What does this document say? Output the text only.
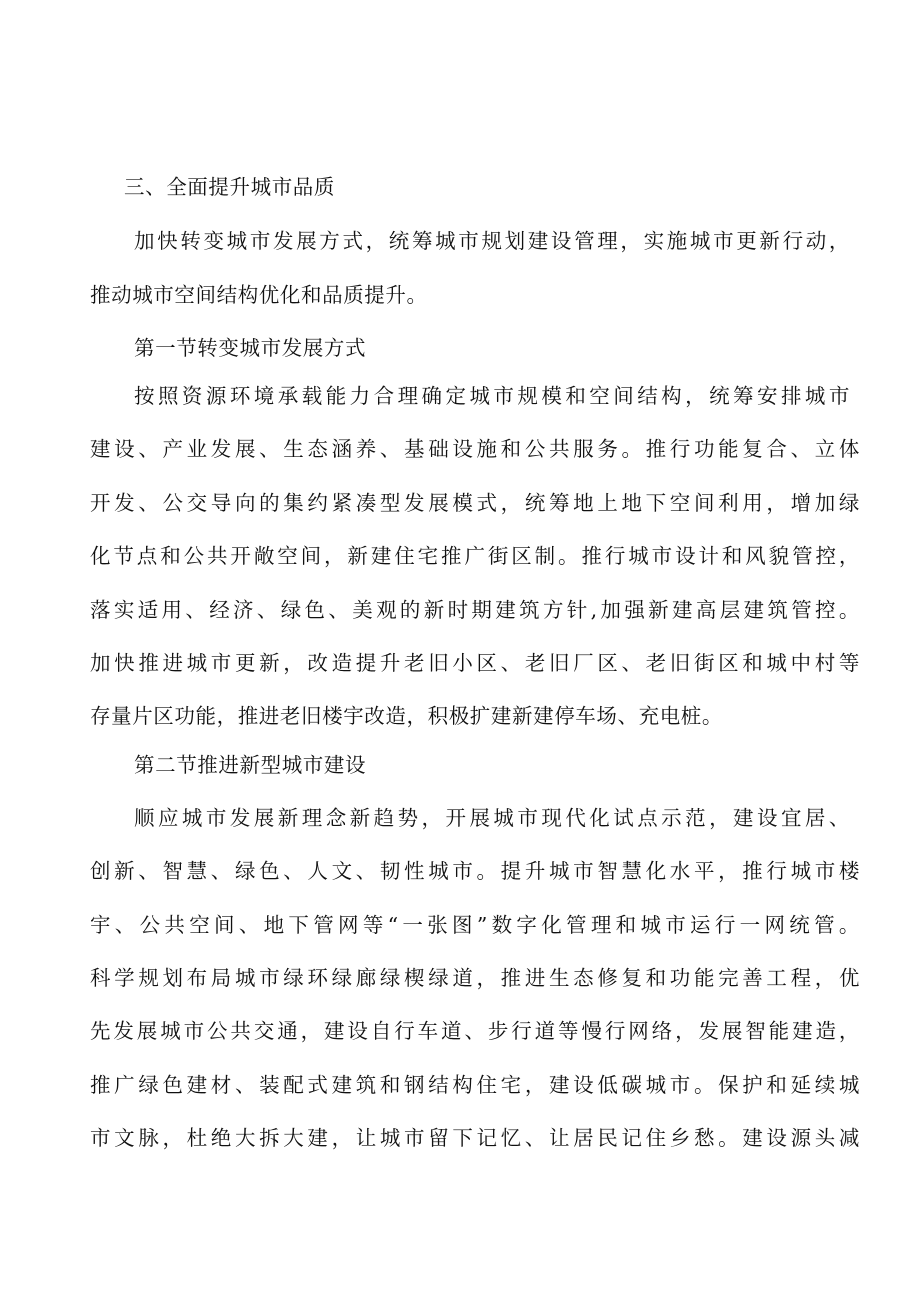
三、全面提升城市品质
加快转变城市发展方式，统筹城市规划建设管理，实施城市更新行动，
推动城市空间结构优化和品质提升。
第一节转变城市发展方式
按照资源环境承载能力合理确定城市规模和空间结构，统筹安排城市
建设、产业发展、生态涵养、基础设施和公共服务。推行功能复合、立体
开发、公交导向的集约紧凑型发展模式，统筹地上地下空间利用，增加绿
化节点和公共开敞空间，新建住宅推广街区制。推行城市设计和风貌管控，
落实适用、经济、绿色、美观的新时期建筑方针,加强新建高层建筑管控。
加快推进城市更新，改造提升老旧小区、老旧厂区、老旧街区和城中村等
存量片区功能，推进老旧楼宇改造，积极扩建新建停车场、充电桩。
第二节推进新型城市建设
顺应城市发展新理念新趋势，开展城市现代化试点示范，建设宜居、
创新、智慧、绿色、人文、韧性城市。提升城市智慧化水平，推行城市楼
宇、公共空间、地下管网等“一张图”数字化管理和城市运行一网统管。
科学规划布局城市绿环绿廊绿楔绿道，推进生态修复和功能完善工程，优
先发展城市公共交通，建设自行车道、步行道等慢行网络，发展智能建造，
推广绿色建材、装配式建筑和钢结构住宅，建设低碳城市。保护和延续城
市文脉，杜绝大拆大建，让城市留下记忆、让居民记住乡愁。建设源头减
